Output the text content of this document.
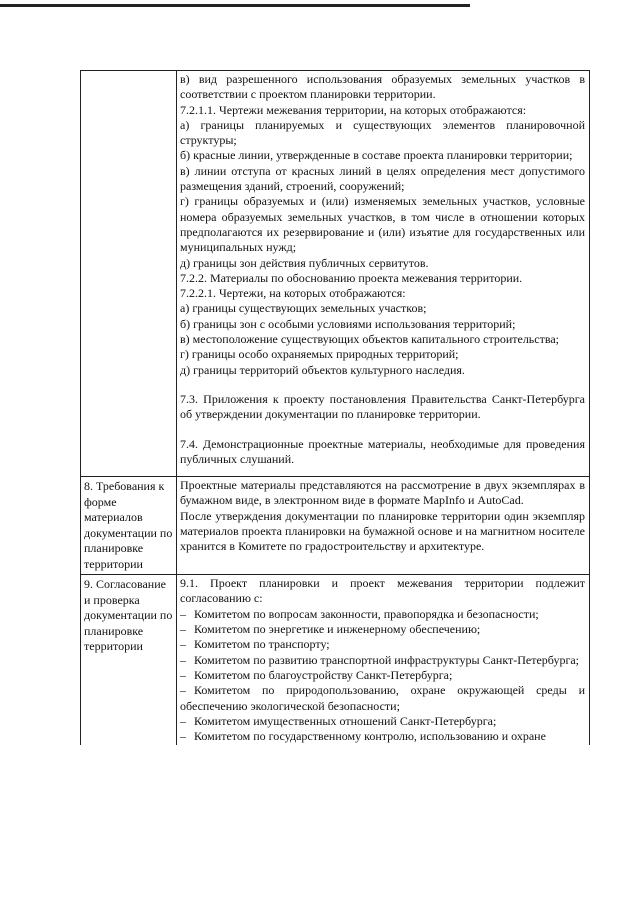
в) вид разрешенного использования образуемых земельных участков в соответствии с проектом планировки территории.

7.2.1.1. Чертежи межевания территории, на которых отображаются:

а) границы планируемых и существующих элементов планировочной структуры;

б) красные линии, утвержденные в составе проекта планировки территории;

в) линии отступа от красных линий в целях определения мест допустимого размещения зданий, строений, сооружений;

г) границы образуемых и (или) изменяемых земельных участков, условные номера образуемых земельных участков, в том числе в отношении которых предполагаются их резервирование и (или) изъятие для государственных или муниципальных нужд;

д) границы зон действия публичных сервитутов.

7.2.2. Материалы по обоснованию проекта межевания территории.

7.2.2.1. Чертежи, на которых отображаются:

а) границы существующих земельных участков;

б) границы зон с особыми условиями использования территорий;

в) местоположение существующих объектов капитального строительства;

г) границы особо охраняемых природных территорий;

д) границы территорий объектов культурного наследия.

7.3. Приложения к проекту постановления Правительства Санкт-Петербурга об утверждении документации по планировке территории.

7.4. Демонстрационные проектные материалы, необходимые для проведения публичных слушаний.

8. Требования к форме материалов документации по планировке территории

Проектные материалы представляются на рассмотрение в двух экземплярах в бумажном виде, в электронном виде в формате MapInfo и AutoCad.

После утверждения документации по планировке территории один экземпляр материалов проекта планировки на бумажной основе и на магнитном носителе хранится в Комитете по градостроительству и архитектуре.

9. Согласование и проверка документации по планировке территории

9.1. Проект планировки и проект межевания территории подлежит согласованию с:

– Комитетом по вопросам законности, правопорядка и безопасности;

– Комитетом по энергетике и инженерному обеспечению;

– Комитетом по транспорту;

– Комитетом по развитию транспортной инфраструктуры Санкт-Петербурга;

– Комитетом по благоустройству Санкт-Петербурга;

– Комитетом по природопользованию, охране окружающей среды и обеспечению экологической безопасности;

– Комитетом имущественных отношений Санкт-Петербурга;

– Комитетом по государственному контролю, использованию и охране
